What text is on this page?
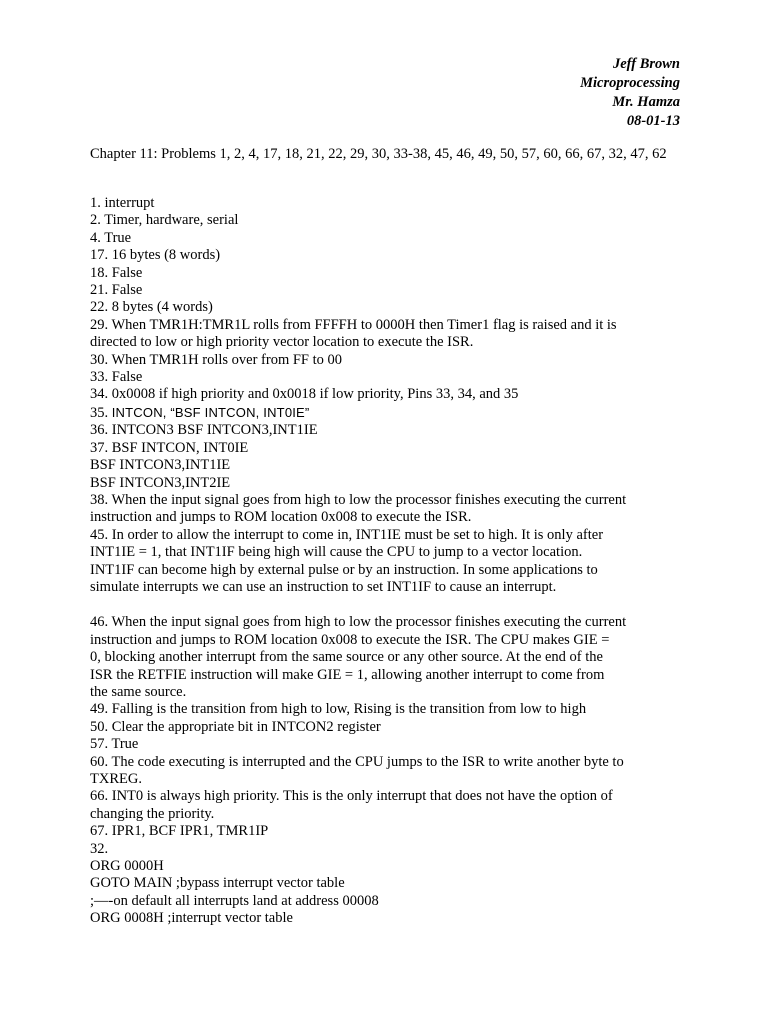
Jeff Brown
Microprocessing
Mr. Hamza
08-01-13
Chapter 11: Problems 1, 2, 4, 17, 18, 21, 22, 29, 30, 33-38, 45, 46, 49, 50, 57, 60, 66, 67, 32, 47, 62
1. interrupt
2. Timer, hardware, serial
4. True
17. 16 bytes (8 words)
18. False
21. False
22. 8 bytes (4 words)
29. When TMR1H:TMR1L rolls from FFFFH to 0000H then Timer1 flag is raised and it is
directed to low or high priority vector location to execute the ISR.
30. When TMR1H rolls over from FF to 00
33. False
34. 0x0008 if high priority and 0x0018 if low priority, Pins 33, 34, and 35
35. INTCON, “BSF INTCON, INT0IE”
36. INTCON3 BSF INTCON3,INT1IE
37. BSF INTCON, INT0IE
BSF INTCON3,INT1IE
BSF INTCON3,INT2IE
38. When the input signal goes from high to low the processor finishes executing the current
instruction and jumps to ROM location 0x008 to execute the ISR.
45. In order to allow the interrupt to come in, INT1IE must be set to high. It is only after
INT1IE = 1, that INT1IF being high will cause the CPU to jump to a vector location.
INT1IF can become high by external pulse or by an instruction. In some applications to
simulate interrupts we can use an instruction to set INT1IF to cause an interrupt.
46. When the input signal goes from high to low the processor finishes executing the current
instruction and jumps to ROM location 0x008 to execute the ISR. The CPU makes GIE =
0, blocking another interrupt from the same source or any other source. At the end of the
ISR the RETFIE instruction will make GIE = 1, allowing another interrupt to come from
the same source.
49. Falling is the transition from high to low, Rising is the transition from low to high
50. Clear the appropriate bit in INTCON2 register
57. True
60. The code executing is interrupted and the CPU jumps to the ISR to write another byte to
TXREG.
66. INT0 is always high priority. This is the only interrupt that does not have the option of
changing the priority.
67. IPR1, BCF IPR1, TMR1IP
32.
ORG 0000H
GOTO MAIN ;bypass interrupt vector table
;—-on default all interrupts land at address 00008
ORG 0008H ;interrupt vector table
